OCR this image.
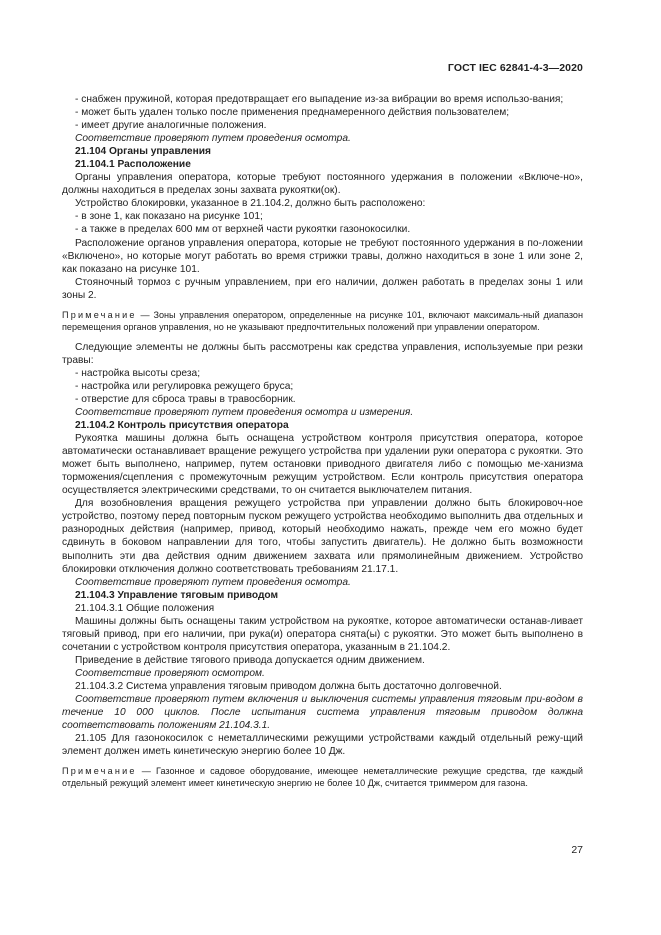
ГОСТ IEC 62841-4-3—2020

- снабжен пружиной, которая предотвращает его выпадение из-за вибрации во время использо-вания;

- может быть удален только после применения преднамеренного действия пользователем;

- имеет другие аналогичные положения.

Соответствие проверяют путем проведения осмотра.

21.104 Органы управления

21.104.1 Расположение

Органы управления оператора, которые требуют постоянного удержания в положении «Включе-но», должны находиться в пределах зоны захвата рукоятки(ок).

Устройство блокировки, указанное в 21.104.2, должно быть расположено:

- в зоне 1, как показано на рисунке 101;

- а также в пределах 600 мм от верхней части рукоятки газонокосилки.

Расположение органов управления оператора, которые не требуют постоянного удержания в по-ложении «Включено», но которые могут работать во время стрижки травы, должно находиться в зоне 1 или зоне 2, как показано на рисунке 101.

Стояночный тормоз с ручным управлением, при его наличии, должен работать в пределах зоны 1 или зоны 2.

Примечание — Зоны управления оператором, определенные на рисунке 101, включают максималь-ный диапазон перемещения органов управления, но не указывают предпочтительных положений при управлении оператором.

Следующие элементы не должны быть рассмотрены как средства управления, используемые при резки травы:

- настройка высоты среза;

- настройка или регулировка режущего бруса;

- отверстие для сброса травы в травосборник.

Соответствие проверяют путем проведения осмотра и измерения.

21.104.2 Контроль присутствия оператора

Рукоятка машины должна быть оснащена устройством контроля присутствия оператора, которое автоматически останавливает вращение режущего устройства при удалении руки оператора с рукоятки. Это может быть выполнено, например, путем остановки приводного двигателя либо с помощью ме-ханизма торможения/сцепления с промежуточным режущим устройством. Если контроль присутствия оператора осуществляется электрическими средствами, то он считается выключателем питания.

Для возобновления вращения режущего устройства при управлении должно быть блокировоч-ное устройство, поэтому перед повторным пуском режущего устройства необходимо выполнить два отдельных и разнородных действия (например, привод, который необходимо нажать, прежде чем его можно будет сдвинуть в боковом направлении для того, чтобы запустить двигатель). Не должно быть возможности выполнить эти два действия одним движением захвата или прямолинейным движением. Устройство блокировки отключения должно соответствовать требованиям 21.17.1.

Соответствие проверяют путем проведения осмотра.

21.104.3 Управление тяговым приводом

21.104.3.1 Общие положения

Машины должны быть оснащены таким устройством на рукоятке, которое автоматически останав-ливает тяговый привод, при его наличии, при рука(и) оператора снята(ы) с рукоятки. Это может быть выполнено в сочетании с устройством контроля присутствия оператора, указанным в 21.104.2.

Приведение в действие тягового привода допускается одним движением.

Соответствие проверяют осмотром.

21.104.3.2 Система управления тяговым приводом должна быть достаточно долговечной.

Соответствие проверяют путем включения и выключения системы управления тяговым при-водом в течение 10 000 циклов. После испытания система управления тяговым приводом должна соответствовать положениям 21.104.3.1.

21.105 Для газонокосилок с неметаллическими режущими устройствами каждый отдельный режу-щий элемент должен иметь кинетическую энергию более 10 Дж.

Примечание — Газонное и садовое оборудование, имеющее неметаллические режущие средства, где каждый отдельный режущий элемент имеет кинетическую энергию не более 10 Дж, считается триммером для газона.

27
